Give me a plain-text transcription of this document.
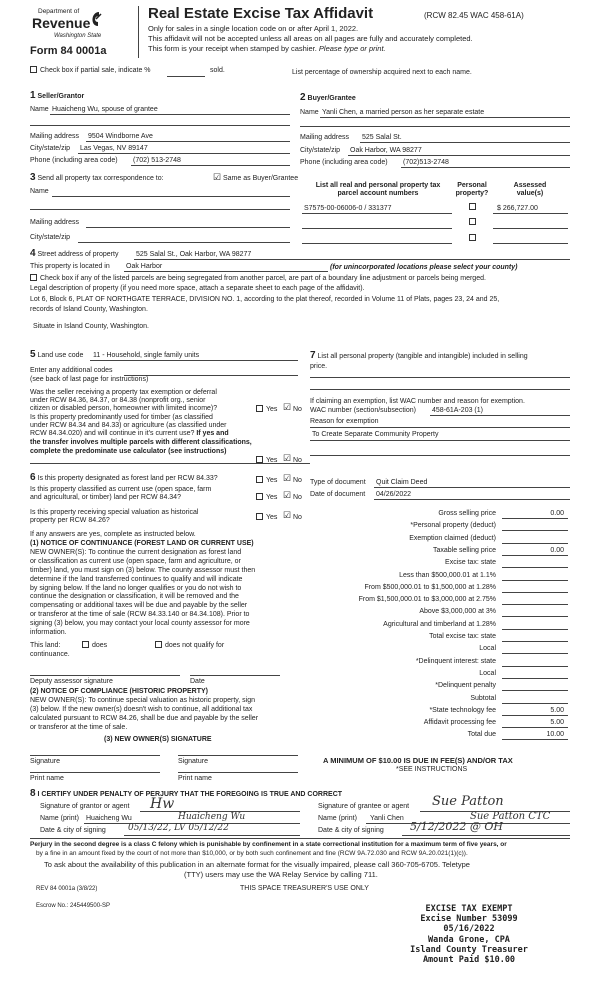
Department of
Revenue
Washington State
Form 84 0001a
Real Estate Excise Tax Affidavit	(RCW 82.45 WAC 458-61A)
Only for sales in a single location code on or after April 1, 2022.
This affidavit will not be accepted unless all areas on all pages are fully and accurately completed.
This form is your receipt when stamped by cashier. Please type or print.
Check box if partial sale, indicate %	sold.	List percentage of ownership acquired next to each name.
1 Seller/Grantor
Name Huaicheng Wu, spouse of grantee
Mailing address 9504 Windborne Ave
City/state/zip Las Vegas, NV 89147
Phone (including area code) (702) 513-2748
2 Buyer/Grantee
Name Yanli Chen, a married person as her separate estate
Mailing address 525 Salal St.
City/state/zip Oak Harbor, WA 98277
Phone (including area code) (702)513-2748
3 Send all property tax correspondence to:	☑ Same as Buyer/Grantee
Name
Mailing address
City/state/zip
List all real and personal property tax
parcel account numbers
Personal
property?
Assessed
value(s)
S7575-00-06006-0 / 331377	$ 266,727.00
4 Street address of property	525 Salal St., Oak Harbor, WA 98277
This property is located in Oak Harbor	(for unincorporated locations please select your county)
Check box if any of the listed parcels are being segregated from another parcel, are part of a boundary line adjustment or parcels being merged.
Legal description of property (if you need more space, attach a separate sheet to each page of the affidavit).
Lot 6, Block 6, PLAT OF NORTHGATE TERRACE, DIVISION NO. 1, according to the plat thereof, recorded in Volume 11 of Plats, pages 23, 24 and 25,
records of Island County, Washington.
Situate in Island County, Washington.
5 Land use code 11 - Household, single family units
Enter any additional codes
(see back of last page for instructions)
Was the seller receiving a property tax exemption or deferral
under RCW 84.36, 84.37, or 84.38 (nonprofit org., senior
citizen or disabled person, homeowner with limited income)?	Yes ☑ No
Is this property predominantly used for timber (as classified
under RCW 84.34 and 84.33) or agriculture (as classified under
RCW 84.34.020) and will continue in it's current use? If yes and
the transfer involves multiple parcels with different classifications,
complete the predominate use calculator (see instructions)
Yes ☑ No
7 List all personal property (tangible and intangible) included in selling
price.
If claiming an exemption, list WAC number and reason for exemption.
WAC number (section/subsection) 458-61A-203 (1)
Reason for exemption
To Create Separate Community Property
6 Is this property designated as forest land per RCW 84.33?	Yes ☑ No
Is this property classified as current use (open space, farm
and agricultural, or timber) land per RCW 84.34?	Yes ☑ No
Is this property receiving special valuation as historical
property per RCW 84.26?	Yes ☑ No
If any answers are yes, complete as instructed below.
(1) NOTICE OF CONTINUANCE (FOREST LAND OR CURRENT USE)
NEW OWNER(S): To continue the current designation as forest land
or classification as current use (open space, farm and agriculture, or
timber) land, you must sign on (3) below. The county assessor must then
determine if the land transferred continues to qualify and will indicate
by signing below. If the land no longer qualifies or you do not wish to
continue the designation or classification, it will be removed and the
compensating or additional taxes will be due and payable by the seller
or transferor at the time of sale (RCW 84.33.140 or 84.34.108). Prior to
signing (3) below, you may contact your local county assessor for more
information.
This land:	does	does not qualify for
continuance.
Deputy assessor signature	Date
(2) NOTICE OF COMPLIANCE (HISTORIC PROPERTY)
NEW OWNER(S): To continue special valuation as historic property, sign
(3) below. If the new owner(s) doesn't wish to continue, all additional tax
calculated pursuant to RCW 84.26, shall be due and payable by the seller
or transferor at the time of sale.
(3) NEW OWNER(S) SIGNATURE
Signature	Signature
Print name	Print name
Type of document Quit Claim Deed
Date of document 04/26/2022
Gross selling price	0.00
*Personal property (deduct)
Exemption claimed (deduct)
Taxable selling price	0.00
Excise tax: state
Less than $500,000.01 at 1.1%
From $500,000.01 to $1,500,000 at 1.28%
From $1,500,000.01 to $3,000,000 at 2.75%
Above $3,000,000 at 3%
Agricultural and timberland at 1.28%
Total excise tax: state
Local
*Delinquent interest: state
Local
*Delinquent penalty
Subtotal
*State technology fee	5.00
Affidavit processing fee	5.00
Total due	10.00
A MINIMUM OF $10.00 IS DUE IN FEE(S) AND/OR TAX
*SEE INSTRUCTIONS
8 I CERTIFY UNDER PENALTY OF PERJURY THAT THE FOREGOING IS TRUE AND CORRECT
Signature of grantor or agent Hw
Name (print) Huaicheng Wu	Huaicheng Wu
Date & city of signing 05/13/22, LV 05/12/22
Signature of grantee or agent Sue Patton
Name (print) Yanli Chen	Sue Patton CTC
Date & city of signing 5/12/2022 @ OH
Perjury in the second degree is a class C felony which is punishable by confinement in a state correctional institution for a maximum term of five years, or
by a fine in an amount fixed by the court of not more than $10,000, or by both such confinement and fine (RCW 9A.72.030 and RCW 9A.20.021(1)(c)).
To ask about the availability of this publication in an alternate format for the visually impaired, please call 360-705-6705. Teletype
(TTY) users may use the WA Relay Service by calling 711.
REV 84 0001a (3/8/22)	THIS SPACE TREASURER'S USE ONLY
Escrow No.: 245449500-SP	EXCISE TAX EXEMPT
Excise Number 53099
05/16/2022
Wanda Grone, CPA
Island County Treasurer
Amount Paid $10.00
